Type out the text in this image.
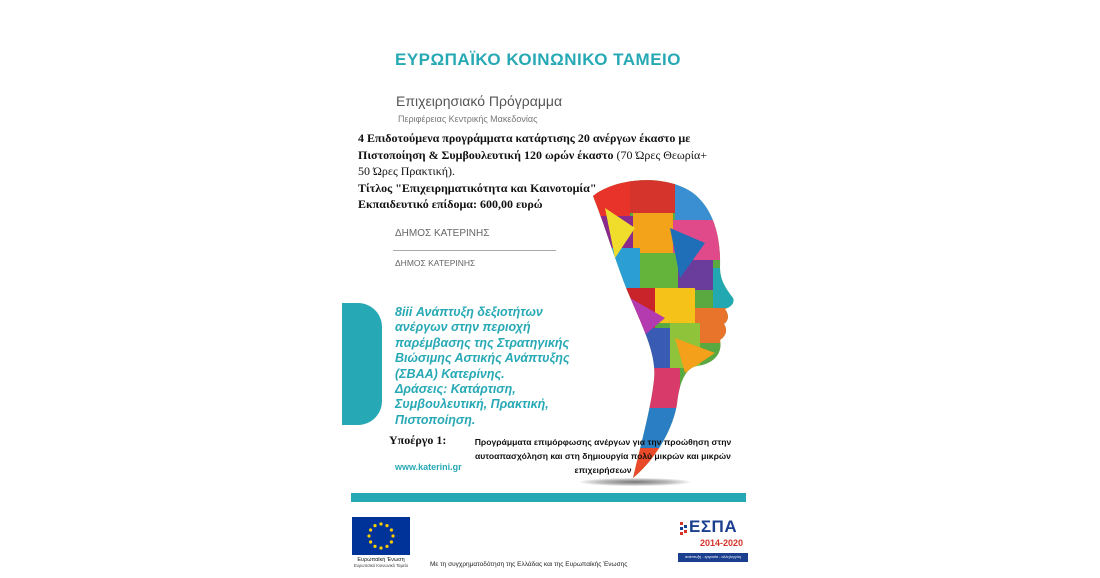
ΕΥΡΩΠΑΪΚΟ ΚΟΙΝΩΝΙΚΟ ΤΑΜΕΙΟ
Επιχειρησιακό Πρόγραμμα
Περιφέρειας Κεντρικής Μακεδονίας
4 Επιδοτούμενα προγράμματα κατάρτισης 20 ανέργων έκαστο με
Πιστοποίηση & Συμβουλευτική 120 ωρών έκαστο (70 Ώρες Θεωρία+
50 Ώρες Πρακτική).
Τίτλος "Επιχειρηματικότητα και Καινοτομία"
Εκπαιδευτικό επίδομα: 600,00 ευρώ
ΔΗΜΟΣ ΚΑΤΕΡΙΝΗΣ
ΔΗΜΟΣ ΚΑΤΕΡΙΝΗΣ
8iii Ανάπτυξη δεξιοτήτων
ανέργων στην περιοχή
παρέμβασης της Στρατηγικής
Βιώσιμης Αστικής Ανάπτυξης
(ΣΒΑΑ) Κατερίνης.
Δράσεις: Κατάρτιση,
Συμβουλευτική, Πρακτική,
Πιστοποίηση.
Υποέργο 1:	Προγράμματα επιμόρφωσης ανέργων για την προώθηση στην
αυτοαπασχόληση και στη δημιουργία πολύ μικρών και μικρών
επιχειρήσεων
www.katerini.gr
Ευρωπαϊκή Ένωση
Ευρωπαϊκό Κοινωνικό Ταμείο	Με τη συγχρηματοδότηση της Ελλάδας και της Ευρωπαϊκής Ένωσης
ΕΣΠΑ
2014-2020
ανάπτυξη - εργασία - αλληλεγγύη
